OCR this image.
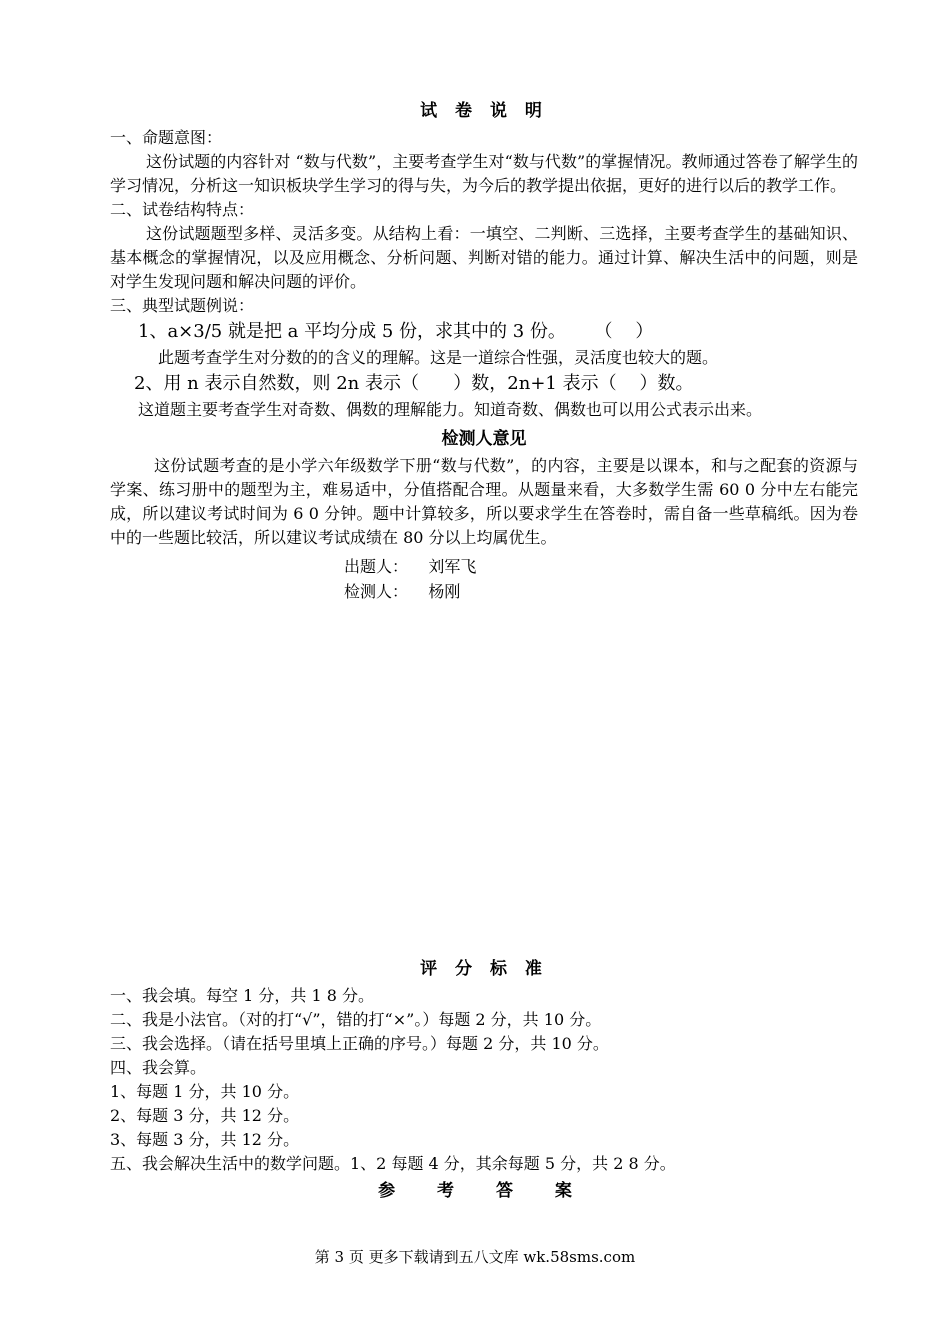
试 卷 说 明

一、命题意图：

这份试题的内容针对 “数与代数”，主要考查学生对“数与代数”的掌握情况。教师通过答卷了解学生的学习情况，分析这一知识板块学生学习的得与失，为今后的教学提出依据，更好的进行以后的教学工作。

二、试卷结构特点：

这份试题题型多样、灵活多变。从结构上看：一填空、二判断、三选择，主要考查学生的基础知识、基本概念的掌握情况，以及应用概念、分析问题、判断对错的能力。通过计算、解决生活中的问题，则是对学生发现问题和解决问题的评价。

三、典型试题例说：

1、a×3/5 就是把 a 平均分成 5 份，求其中的 3 份。     （    ）

此题考查学生对分数的的含义的理解。这是一道综合性强，灵活度也较大的题。

2、用 n 表示自然数，则 2n 表示（      ）数，2n+1 表示（    ）数。

这道题主要考查学生对奇数、偶数的理解能力。知道奇数、偶数也可以用公式表示出来。

检测人意见

这份试题考查的是小学六年级数学下册“数与代数”，的内容，主要是以课本，和与之配套的资源与学案、练习册中的题型为主，难易适中，分值搭配合理。从题量来看，大多数学生需 60 0 分中左右能完成，所以建议考试时间为 6 0 分钟。题中计算较多，所以要求学生在答卷时，需自备一些草稿纸。因为卷中的一些题比较活，所以建议考试成绩在 80 分以上均属优生。

出题人：    刘军飞

检测人：    杨刚

评 分 标 准

一、我会填。每空 1 分，共 1 8 分。

二、我是小法官。（对的打“√”，错的打“×”。）每题 2 分，共 10 分。

三、我会选择。（请在括号里填上正确的序号。）每题 2 分，共 10 分。

四、我会算。

1、每题 1 分，共 10 分。

2、每题 3 分，共 12 分。

3、每题 3 分，共 12 分。

五、我会解决生活中的数学问题。1、2 每题 4 分，其余每题 5 分，共 2 8 分。

参 考 答 案

第 3 页 更多下载请到五八文库 wk.58sms.com
